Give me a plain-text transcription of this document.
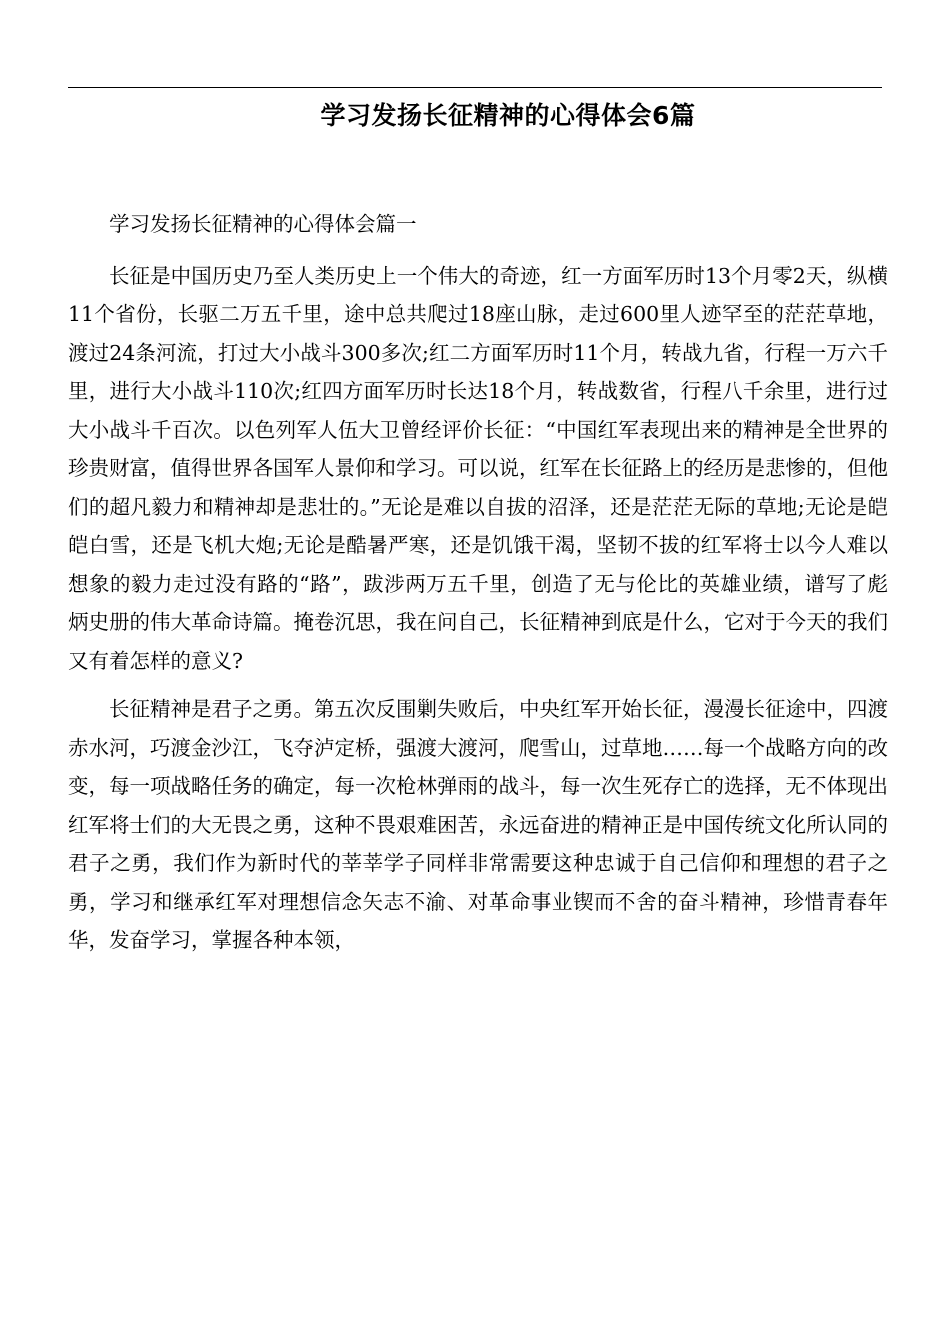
学习发扬长征精神的心得体会6篇

学习发扬长征精神的心得体会篇一

长征是中国历史乃至人类历史上一个伟大的奇迹，红一方面军历时13个月零2天，纵横11个省份，长驱二万五千里，途中总共爬过18座山脉，走过600里人迹罕至的茫茫草地，渡过24条河流，打过大小战斗300多次;红二方面军历时11个月，转战九省，行程一万六千里，进行大小战斗110次;红四方面军历时长达18个月，转战数省，行程八千余里，进行过大小战斗千百次。以色列军人伍大卫曾经评价长征：“中国红军表现出来的精神是全世界的珍贵财富，值得世界各国军人景仰和学习。可以说，红军在长征路上的经历是悲惨的，但他们的超凡毅力和精神却是悲壮的。”无论是难以自拔的沼泽，还是茫茫无际的草地;无论是皑皑白雪，还是飞机大炮;无论是酷暑严寒，还是饥饿干渴，坚韧不拔的红军将士以今人难以想象的毅力走过没有路的“路”，跋涉两万五千里，创造了无与伦比的英雄业绩，谱写了彪炳史册的伟大革命诗篇。掩卷沉思，我在问自己，长征精神到底是什么，它对于今天的我们又有着怎样的意义?

长征精神是君子之勇。第五次反围剿失败后，中央红军开始长征，漫漫长征途中，四渡赤水河，巧渡金沙江，飞夺泸定桥，强渡大渡河，爬雪山，过草地……每一个战略方向的改变，每一项战略任务的确定，每一次枪林弹雨的战斗，每一次生死存亡的选择，无不体现出红军将士们的大无畏之勇，这种不畏艰难困苦，永远奋进的精神正是中国传统文化所认同的君子之勇，我们作为新时代的莘莘学子同样非常需要这种忠诚于自己信仰和理想的君子之勇，学习和继承红军对理想信念矢志不渝、对革命事业锲而不舍的奋斗精神，珍惜青春年华，发奋学习，掌握各种本领，
